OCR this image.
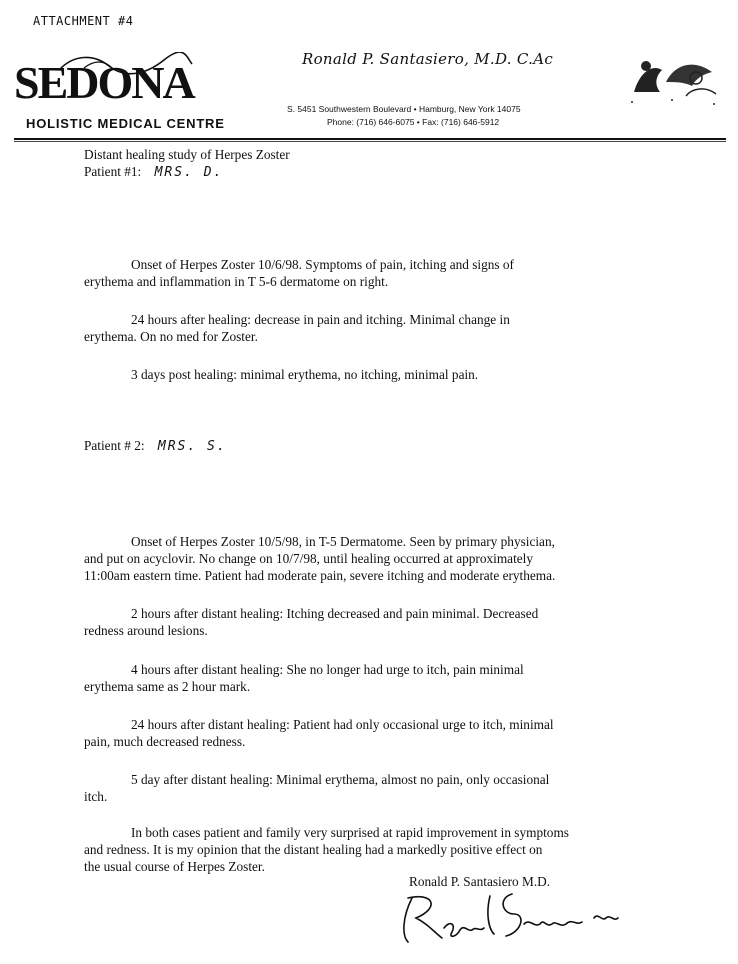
ATTACHMENT #4
SEDONA
HOLISTIC MEDICAL CENTRE
Ronald P. Santasiero, M.D. C.Ac
S. 5451 Southwestern Boulevard • Hamburg, New York 14075
Phone: (716) 646-6075 • Fax: (716) 646-5912
Distant healing study of Herpes Zoster
Patient #1: MRS. D.
Onset of Herpes Zoster 10/6/98. Symptoms of pain, itching and signs of
erythema and inflammation in T 5-6 dermatome on right.
24 hours after healing: decrease in pain and itching. Minimal change in
erythema. On no med for Zoster.
3 days post healing: minimal erythema, no itching, minimal pain.
Patient # 2: MRS. S.
Onset of Herpes Zoster 10/5/98, in T-5 Dermatome. Seen by primary physician,
and put on acyclovir. No change on 10/7/98, until healing occurred at approximately
11:00am eastern time. Patient had moderate pain, severe itching and moderate erythema.
2 hours after distant healing: Itching decreased and pain minimal. Decreased
redness around lesions.
4 hours after distant healing: She no longer had urge to itch, pain minimal
erythema same as 2 hour mark.
24 hours after distant healing: Patient had only occasional urge to itch, minimal
pain, much decreased redness.
5 day after distant healing: Minimal erythema, almost no pain, only occasional
itch.
In both cases patient and family very surprised at rapid improvement in symptoms
and redness. It is my opinion that the distant healing had a markedly positive effect on
the usual course of Herpes Zoster.
Ronald P. Santasiero M.D.
